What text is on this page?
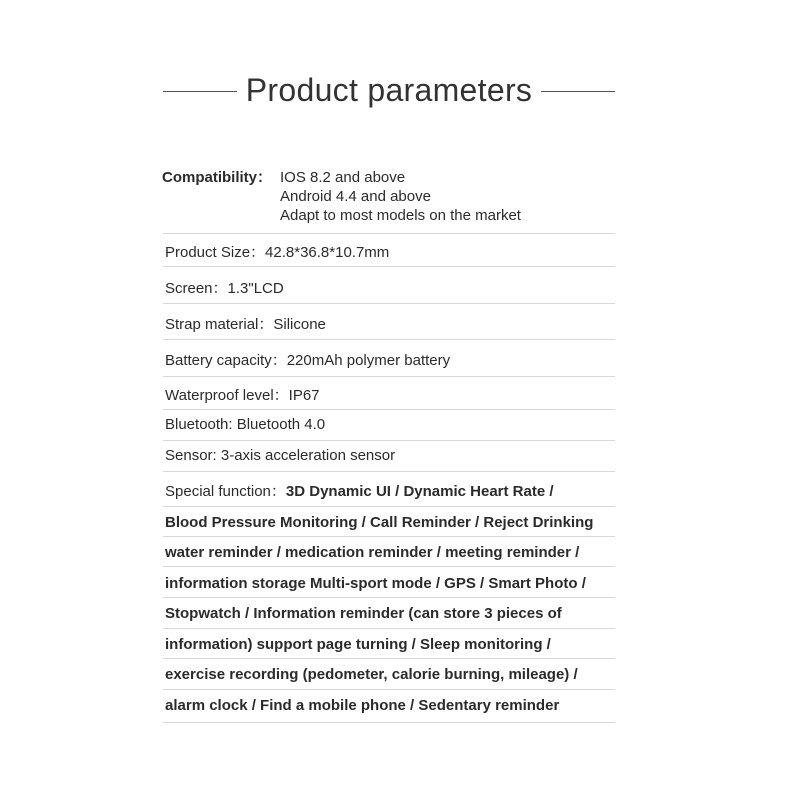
Product parameters
Compatibility： IOS 8.2 and above
Android 4.4 and above
Adapt to most models on the market
Product Size：42.8*36.8*10.7mm
Screen：1.3"LCD
Strap material：Silicone
Battery capacity：220mAh polymer battery
Waterproof level：IP67
Bluetooth: Bluetooth 4.0
Sensor: 3-axis acceleration sensor
Special function：3D Dynamic UI / Dynamic Heart Rate /
Blood Pressure Monitoring / Call Reminder / Reject Drinking
water reminder / medication reminder / meeting reminder /
information storage Multi-sport mode / GPS / Smart Photo /
Stopwatch / Information reminder (can store 3 pieces of
information) support page turning / Sleep monitoring /
exercise recording (pedometer, calorie burning, mileage) /
alarm clock / Find a mobile phone / Sedentary reminder
